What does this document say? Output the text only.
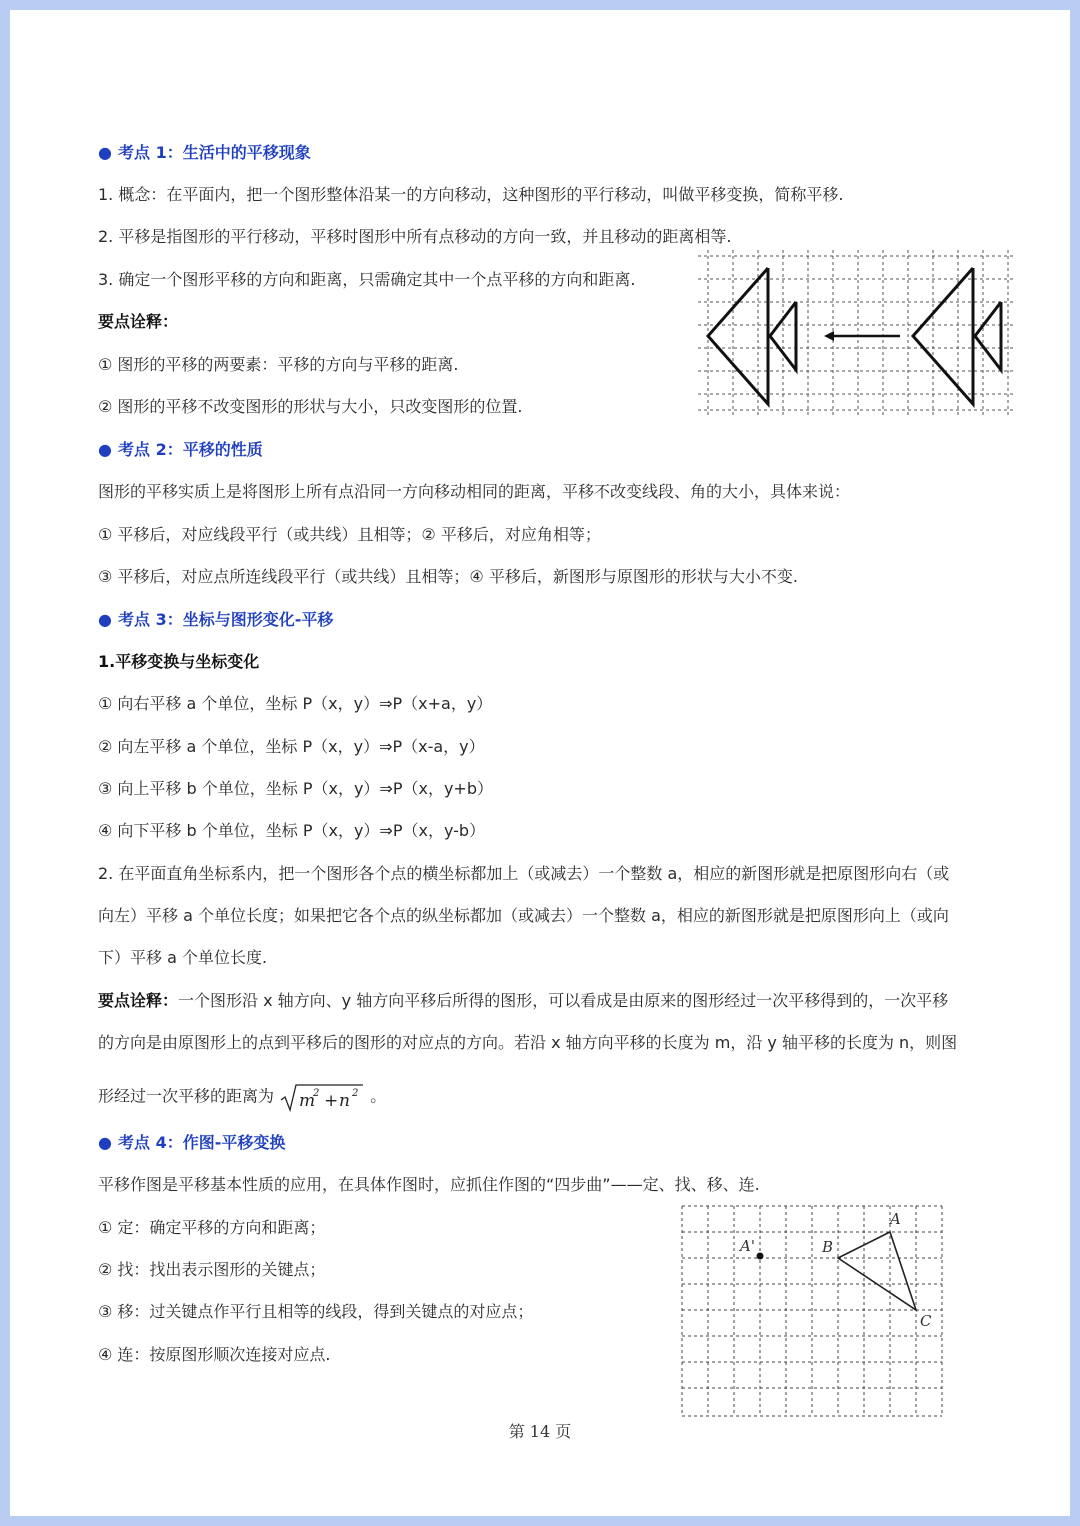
● 考点 1：生活中的平移现象
1. 概念：在平面内，把一个图形整体沿某一的方向移动，这种图形的平行移动，叫做平移变换，简称平移.
2. 平移是指图形的平行移动，平移时图形中所有点移动的方向一致，并且移动的距离相等.
3. 确定一个图形平移的方向和距离，只需确定其中一个点平移的方向和距离.
要点诠释：
① 图形的平移的两要素：平移的方向与平移的距离.
② 图形的平移不改变图形的形状与大小，只改变图形的位置.
● 考点 2：平移的性质
图形的平移实质上是将图形上所有点沿同一方向移动相同的距离，平移不改变线段、角的大小，具体来说：
① 平移后，对应线段平行（或共线）且相等；② 平移后，对应角相等；
③ 平移后，对应点所连线段平行（或共线）且相等；④ 平移后，新图形与原图形的形状与大小不变.
● 考点 3：坐标与图形变化-平移
1.平移变换与坐标变化
① 向右平移 a 个单位，坐标 P（x，y）⇒P（x+a，y）
② 向左平移 a 个单位，坐标 P（x，y）⇒P（x-a，y）
③ 向上平移 b 个单位，坐标 P（x，y）⇒P（x，y+b）
④ 向下平移 b 个单位，坐标 P（x，y）⇒P（x，y-b）
2. 在平面直角坐标系内，把一个图形各个点的横坐标都加上（或减去）一个整数 a，相应的新图形就是把原图形向右（或
向左）平移 a 个单位长度；如果把它各个点的纵坐标都加（或减去）一个整数 a，相应的新图形就是把原图形向上（或向
下）平移 a 个单位长度.
要点诠释：一个图形沿 x 轴方向、y 轴方向平移后所得的图形，可以看成是由原来的图形经过一次平移得到的，一次平移
的方向是由原图形上的点到平移后的图形的对应点的方向。若沿 x 轴方向平移的长度为 m，沿 y 轴平移的长度为 n，则图
形经过一次平移的距离为 m
2 + n 2 。
● 考点 4：作图-平移变换
平移作图是平移基本性质的应用，在具体作图时，应抓住作图的“四步曲”——定、找、移、连.
① 定：确定平移的方向和距离；
② 找：找出表示图形的关键点；
③ 移：过关键点作平行且相等的线段，得到关键点的对应点；
④ 连：按原图形顺次连接对应点.
A
A'	B
C
第 14 页
